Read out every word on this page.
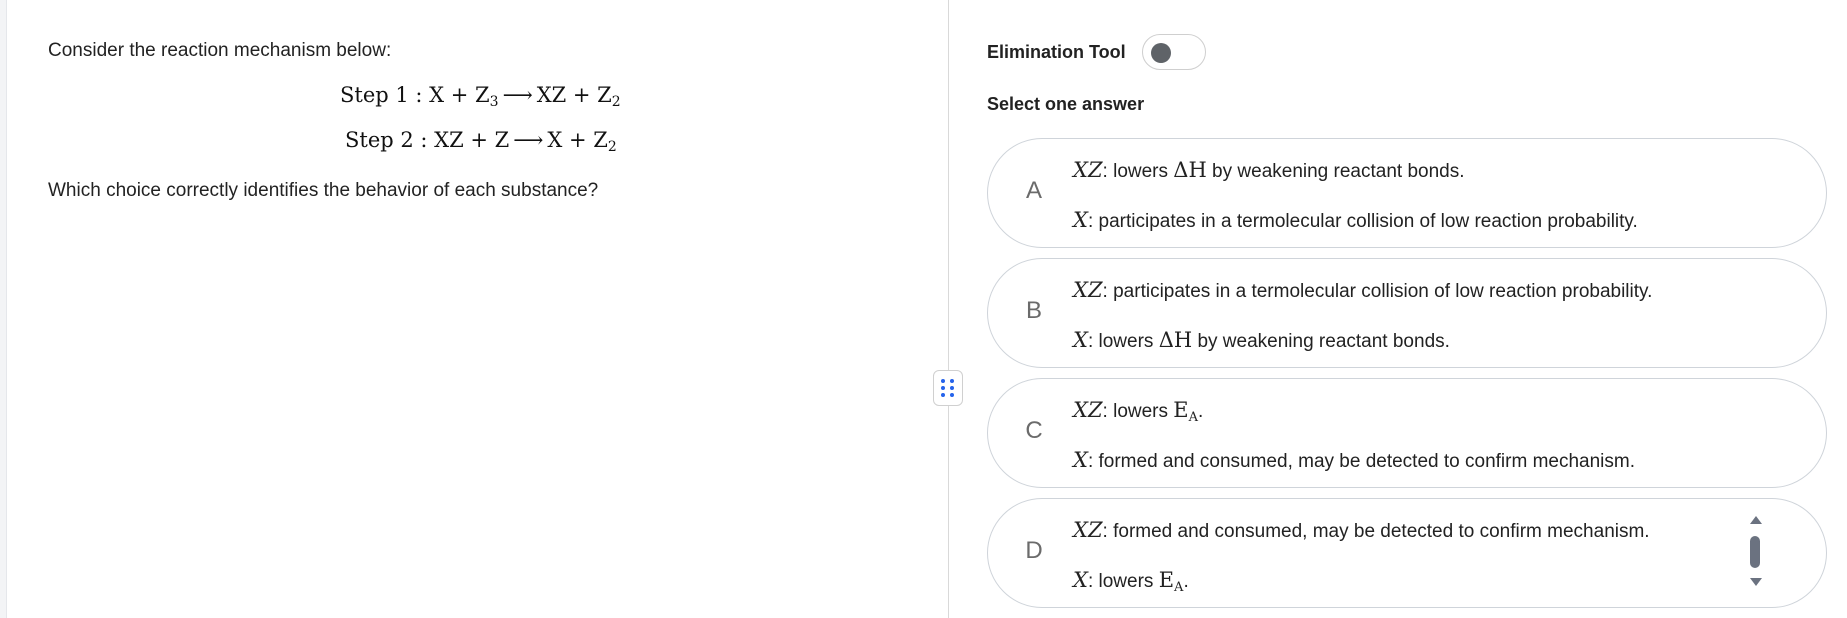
Consider the reaction mechanism below:
Step 1 : $X + Z_3$ ⟶ XZ + $Z_2$
Step 2 : XZ + Z ⟶ $X + Z_2$
Which choice correctly identifies the behavior of each substance?
Elimination Tool
Select one answer
A
XZ: lowers ΔH by weakening reactant bonds.
X: participates in a termolecular collision of low reaction probability.
B
XZ: participates in a termolecular collision of low reaction probability.
X: lowers ΔH by weakening reactant bonds.
C
XZ: lowers $E_A$.
X: formed and consumed, may be detected to confirm mechanism.
D
XZ: formed and consumed, may be detected to confirm mechanism.
X: lowers $E_A$.
